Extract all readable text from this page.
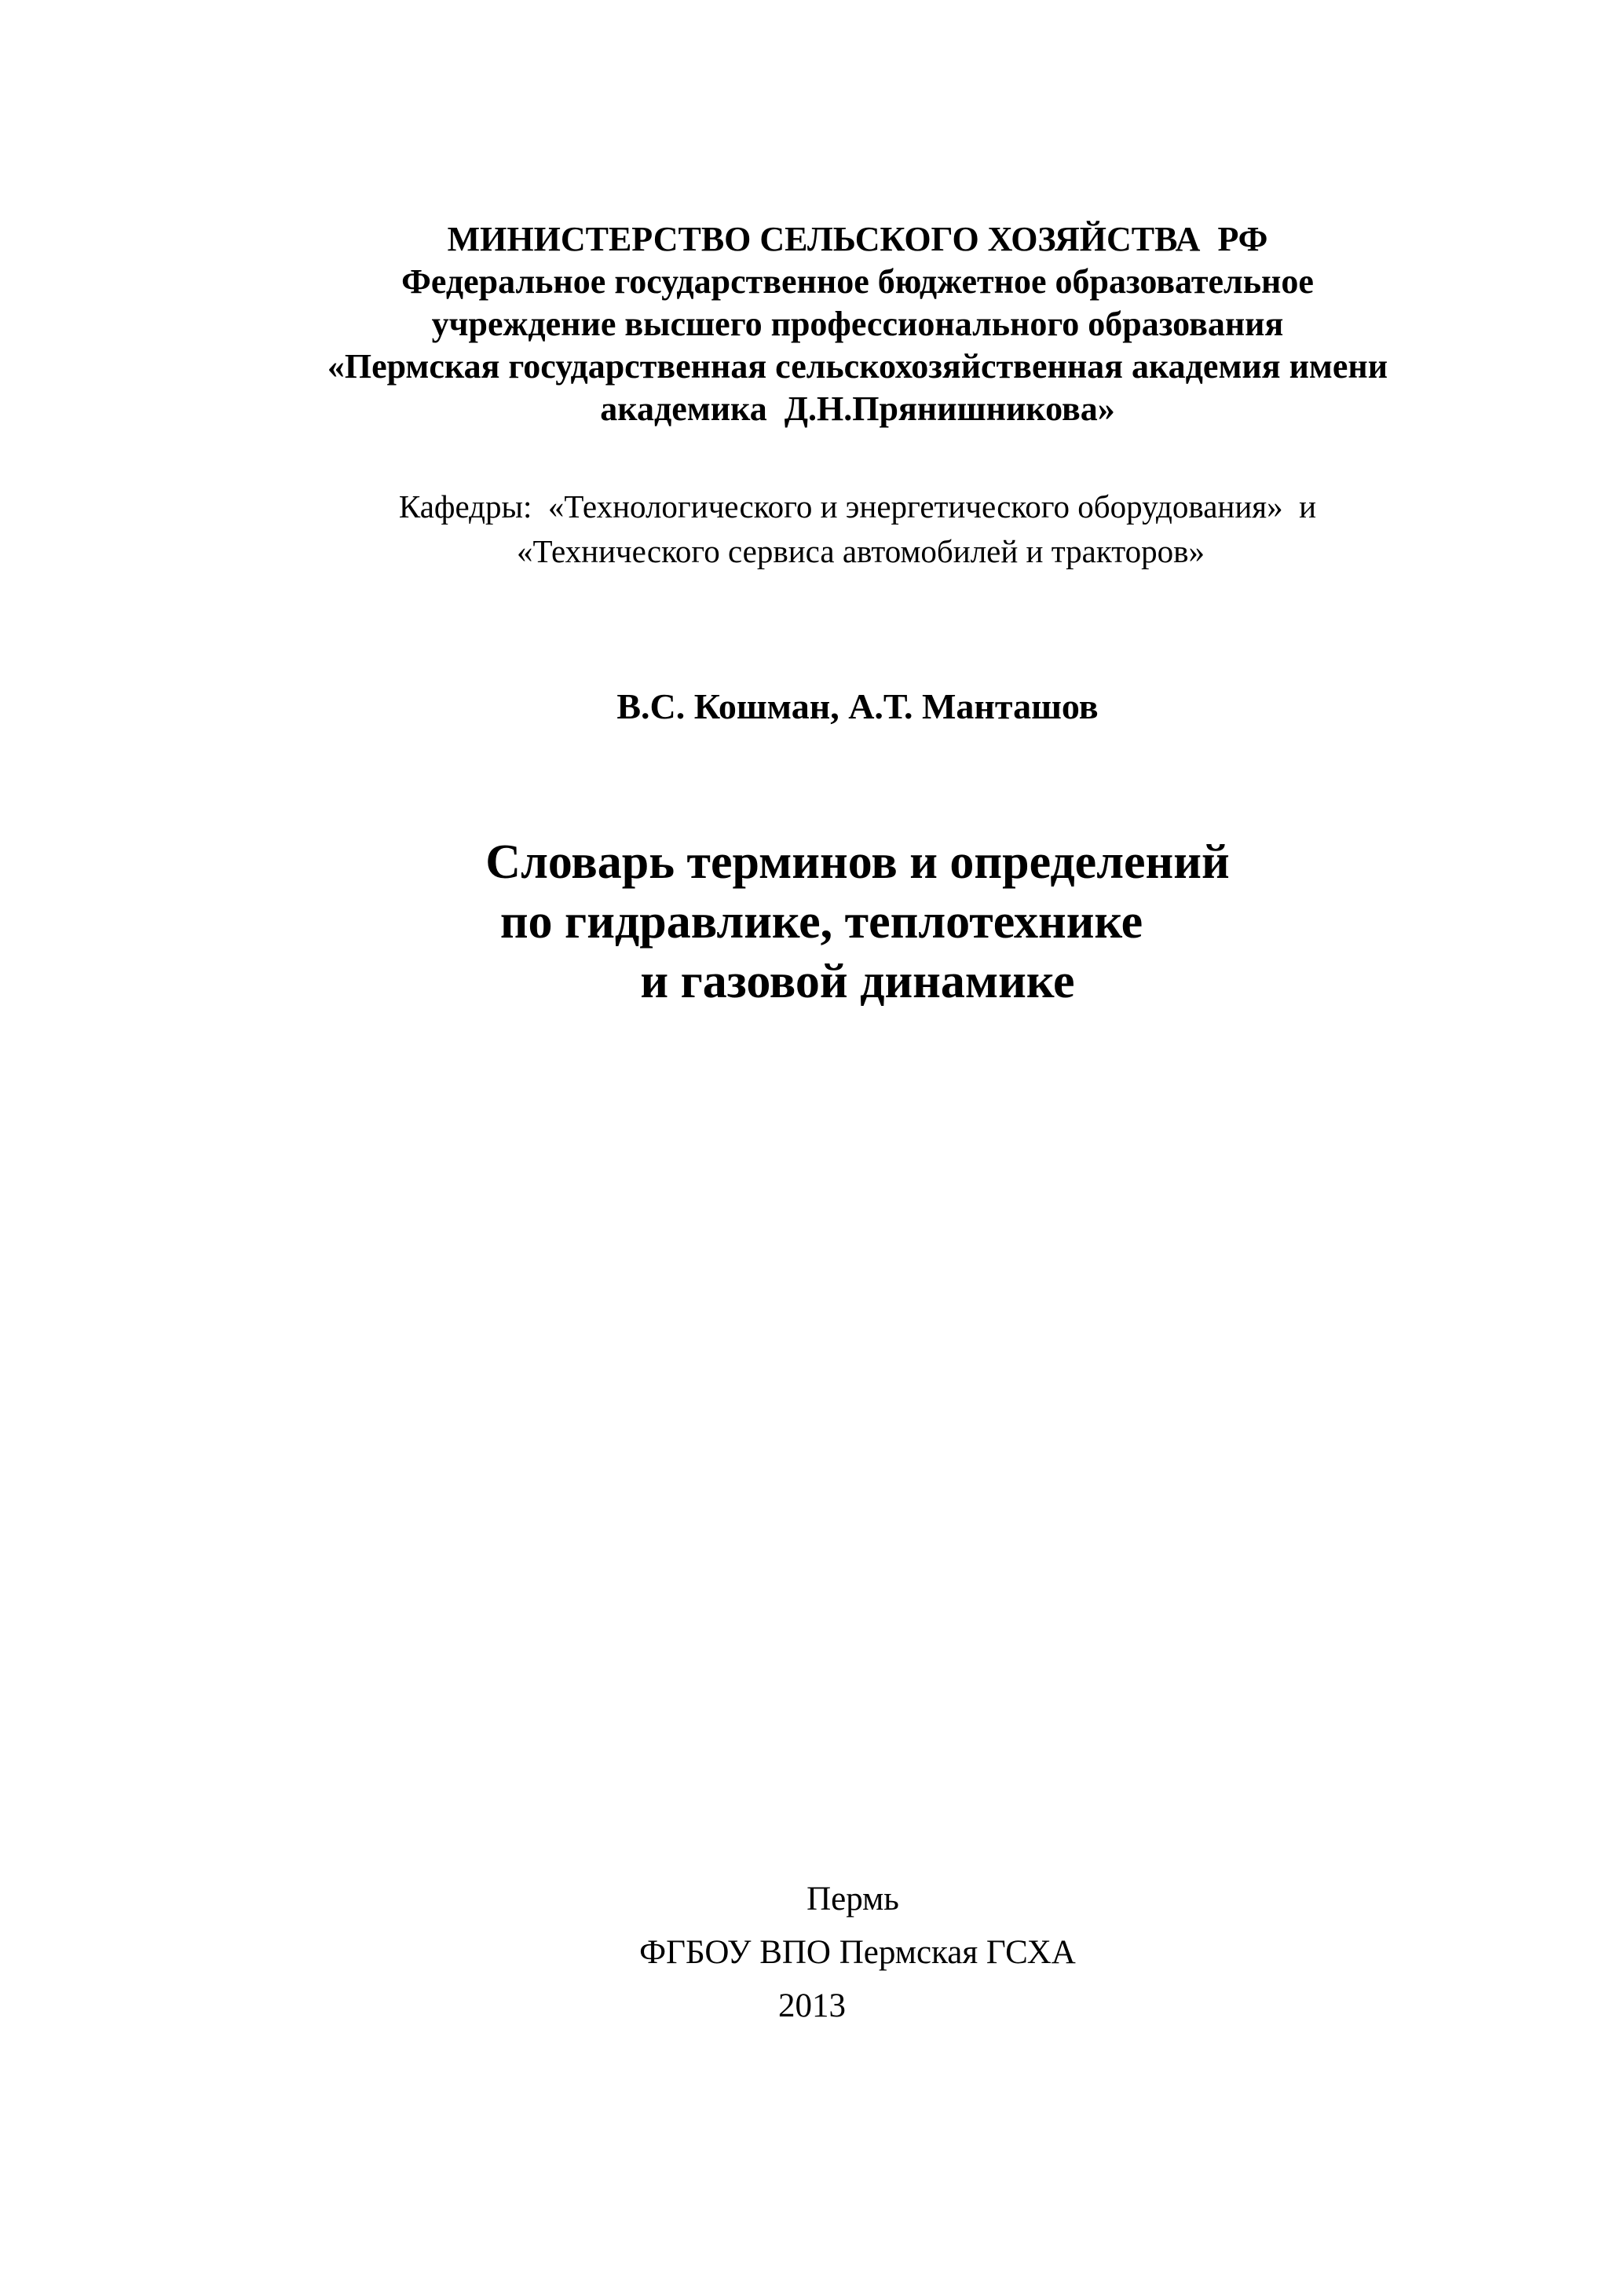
МИНИСТЕРСТВО СЕЛЬСКОГО ХОЗЯЙСТВА  РФ
Федеральное государственное бюджетное образовательное
учреждение высшего профессионального образования
«Пермская государственная сельскохозяйственная академия имени
академика  Д.Н.Прянишникова»
Кафедры:  «Технологического и энергетического оборудования»  и
«Технического сервиса автомобилей и тракторов»
В.С. Кошман, А.Т. Манташов
Словарь терминов и определений
по гидравлике, теплотехнике
и газовой динамике
Пермь
ФГБОУ ВПО Пермская ГСХА
2013
